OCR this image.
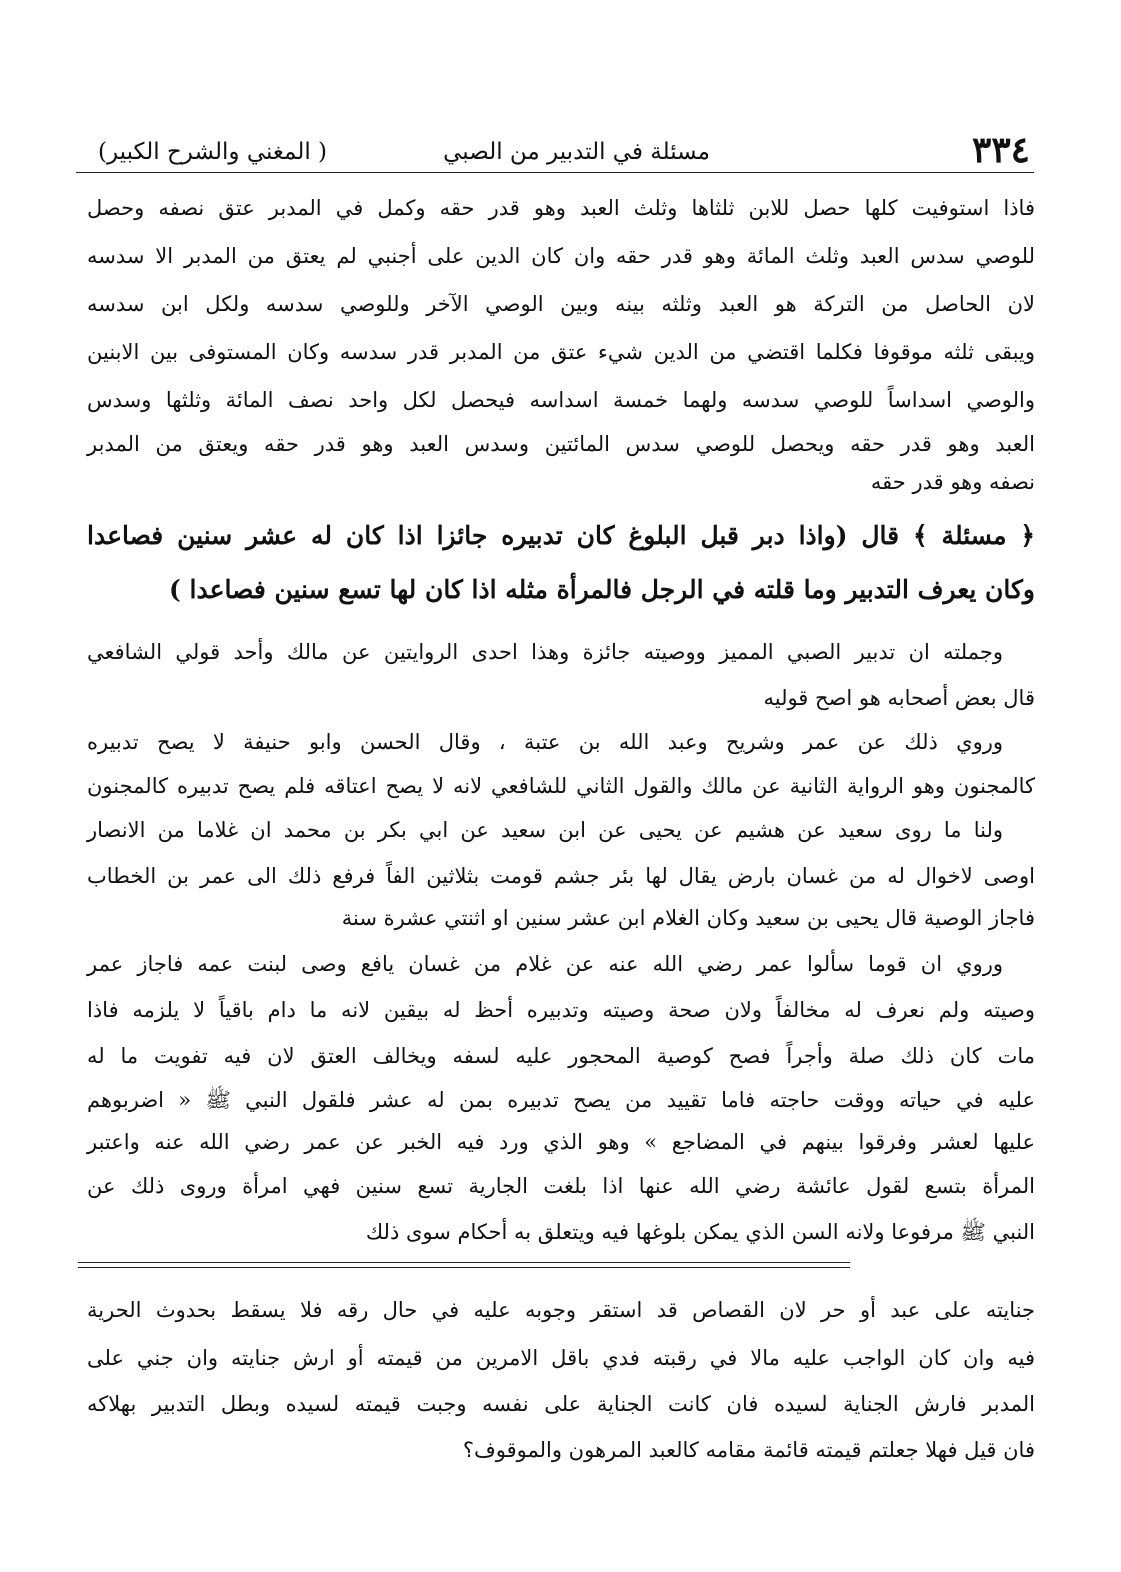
٣٣٤
مسئلة في التدبير من الصبي
( المغني والشرح الكبير)
فاذا استوفيت كلها حصل للابن ثلثاها وثلث العبد وهو قدر حقه وكمل في المدبر عتق نصفه وحصل
للوصي سدس العبد وثلث المائة وهو قدر حقه وان كان الدين على أجنبي لم يعتق من المدبر الا سدسه
لان الحاصل من التركة هو العبد وثلثه بينه وبين الوصي الآخر وللوصي سدسه ولكل ابن سدسه
ويبقى ثلثه موقوفا فكلما اقتضي من الدين شيء عتق من المدبر قدر سدسه وكان المستوفى بين الابنين
والوصي اسداساً للوصي سدسه ولهما خمسة اسداسه فيحصل لكل واحد نصف المائة وثلثها وسدس
العبد وهو قدر حقه ويحصل للوصي سدس المائتين وسدس العبد وهو قدر حقه ويعتق من المدبر
نصفه وهو قدر حقه
﴿ مسئلة ﴾ قال (واذا دبر قبل البلوغ كان تدبيره جائزا اذا كان له عشر سنين فصاعدا
وكان يعرف التدبير وما قلته في الرجل فالمرأة مثله اذا كان لها تسع سنين فصاعدا )
وجملته ان تدبير الصبي المميز ووصيته جائزة وهذا احدى الروايتين عن مالك وأحد قولي الشافعي
قال بعض أصحابه هو اصح قوليه
وروي ذلك عن عمر وشريح وعبد الله بن عتبة ، وقال الحسن وابو حنيفة لا يصح تدبيره
كالمجنون وهو الرواية الثانية عن مالك والقول الثاني للشافعي لانه لا يصح اعتاقه فلم يصح تدبيره كالمجنون
ولنا ما روى سعيد عن هشيم عن يحيى عن ابن سعيد عن ابي بكر بن محمد ان غلاما من الانصار
اوصى لاخوال له من غسان بارض يقال لها بئر جشم قومت بثلاثين الفاً فرفع ذلك الى عمر بن الخطاب
فاجاز الوصية قال يحيى بن سعيد وكان الغلام ابن عشر سنين او اثنتي عشرة سنة
وروي ان قوما سألوا عمر رضي الله عنه عن غلام من غسان يافع وصى لبنت عمه فاجاز عمر
وصيته ولم نعرف له مخالفاً ولان صحة وصيته وتدبيره أحظ له بيقين لانه ما دام باقياً لا يلزمه فاذا
مات كان ذلك صلة وأجراً فصح كوصية المحجور عليه لسفه ويخالف العتق لان فيه تفويت ما له
عليه في حياته ووقت حاجته فاما تقييد من يصح تدبيره بمن له عشر فلقول النبي ﷺ « اضربوهم
عليها لعشر وفرقوا بينهم في المضاجع » وهو الذي ورد فيه الخبر عن عمر رضي الله عنه واعتبر
المرأة بتسع لقول عائشة رضي الله عنها اذا بلغت الجارية تسع سنين فهي امرأة وروى ذلك عن
النبي ﷺ مرفوعا ولانه السن الذي يمكن بلوغها فيه ويتعلق به أحكام سوى ذلك
جنايته على عبد أو حر لان القصاص قد استقر وجوبه عليه في حال رقه فلا يسقط بحدوث الحرية
فيه وان كان الواجب عليه مالا في رقبته فدي باقل الامرين من قيمته أو ارش جنايته وان جني على
المدبر فارش الجناية لسيده فان كانت الجناية على نفسه وجبت قيمته لسيده وبطل التدبير بهلاكه
فان قيل فهلا جعلتم قيمته قائمة مقامه كالعبد المرهون والموقوف؟
